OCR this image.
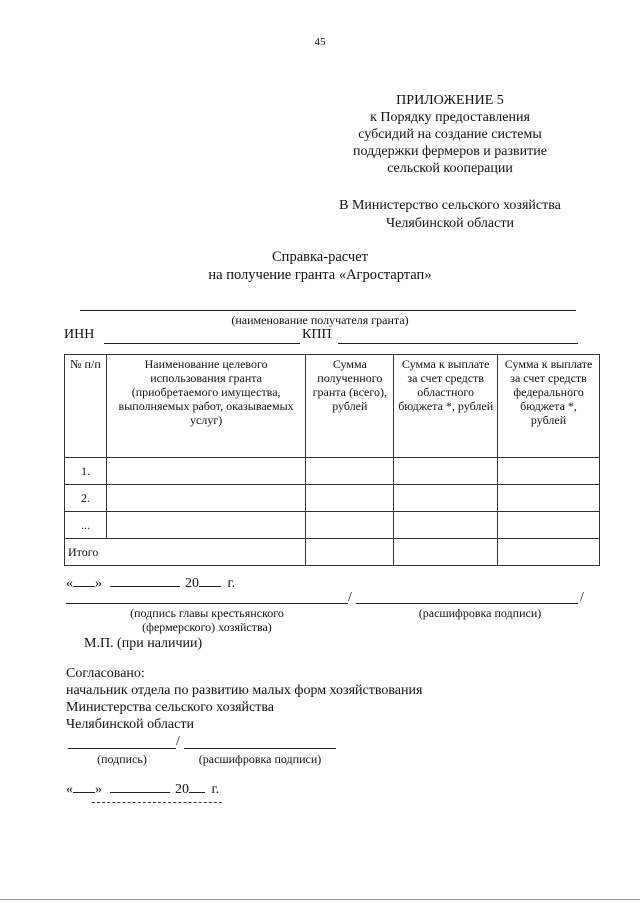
45
ПРИЛОЖЕНИЕ 5
к Порядку предоставления
субсидий на создание системы
поддержки фермеров и развитие
сельской кооперации
В Министерство сельского хозяйства
Челябинской области
Справка-расчет
на получение гранта «Агростартап»
(наименование получателя гранта)
ИНН	КПП
№ п/п	Наименование целевого использования гранта (приобретаемого имущества, выполняемых работ, оказываемых услуг)	Сумма полученного гранта (всего), рублей	Сумма к выплате за счет средств областного бюджета *, рублей	Сумма к выплате за счет средств федерального бюджета *, рублей
1.				
2.				
...				
Итого				
« »	20 г.
/	/
(подпись главы крестьянского
(фермерского) хозяйства)
(расшифровка подписи)
М.П. (при наличии)
Согласовано:
начальник отдела по развитию малых форм хозяйствования
Министерства сельского хозяйства
Челябинской области
/
(подпись)	(расшифровка подписи)
« »	20 г.
